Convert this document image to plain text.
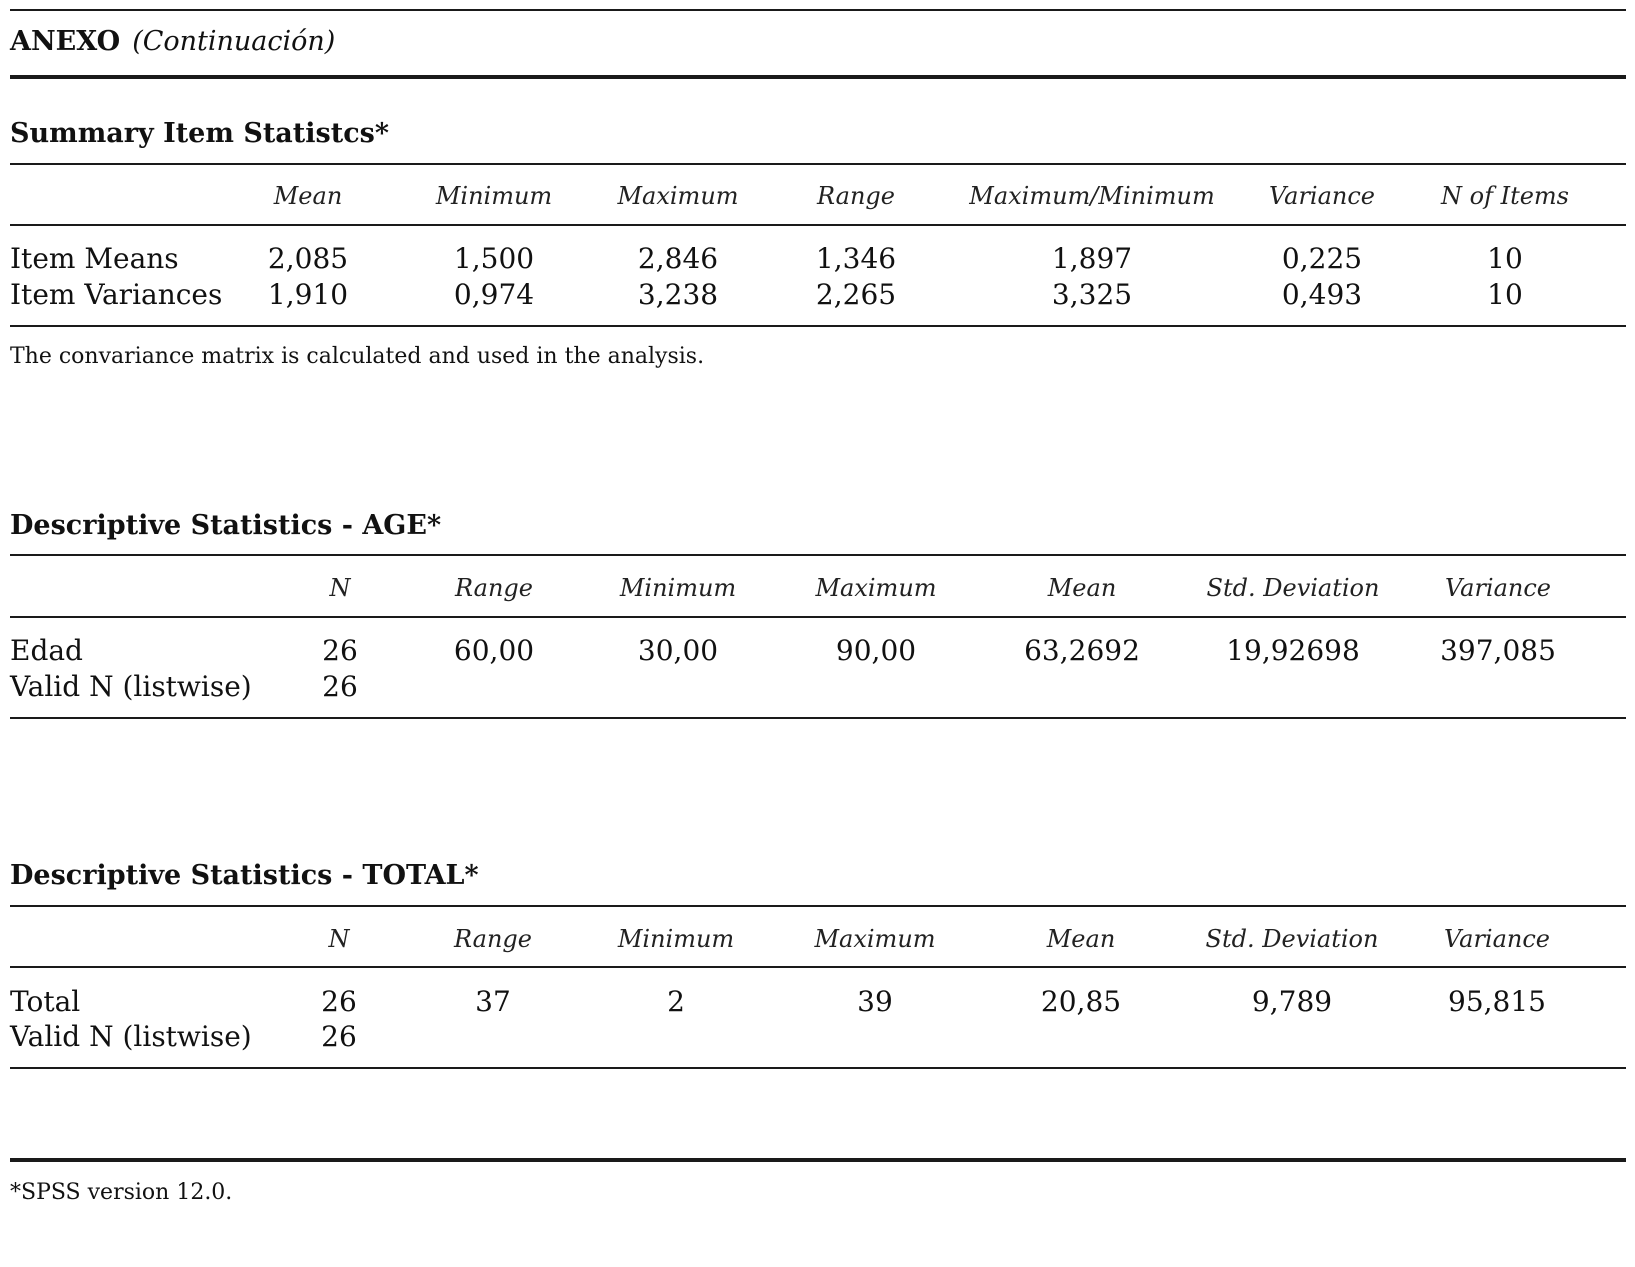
ANEXO (Continuación)
Summary Item Statistcs*
Mean	Minimum	Maximum	Range	Maximum/Minimum Variance	N of Items
Item Means	2,085	1,500	2,846	1,346	1,897	0,225	10
Item Variances 1,910	0,974	3,238	2,265	3,325	0,493	10
The convariance matrix is calculated and used in the analysis.
Descriptive Statistics - AGE*
N	Range	Minimum	Maximum	Mean	Std. Deviation	Variance
Edad	26	60,00	30,00	90,00	63,2692	19,92698	397,085
Valid N (listwise)	26
Descriptive Statistics - TOTAL*
N	Range	Minimum	Maximum	Mean	Std. Deviation	Variance
Total	26	37	2	39	20,85	9,789	95,815
Valid N (listwise) 26
*SPSS version 12.0.
